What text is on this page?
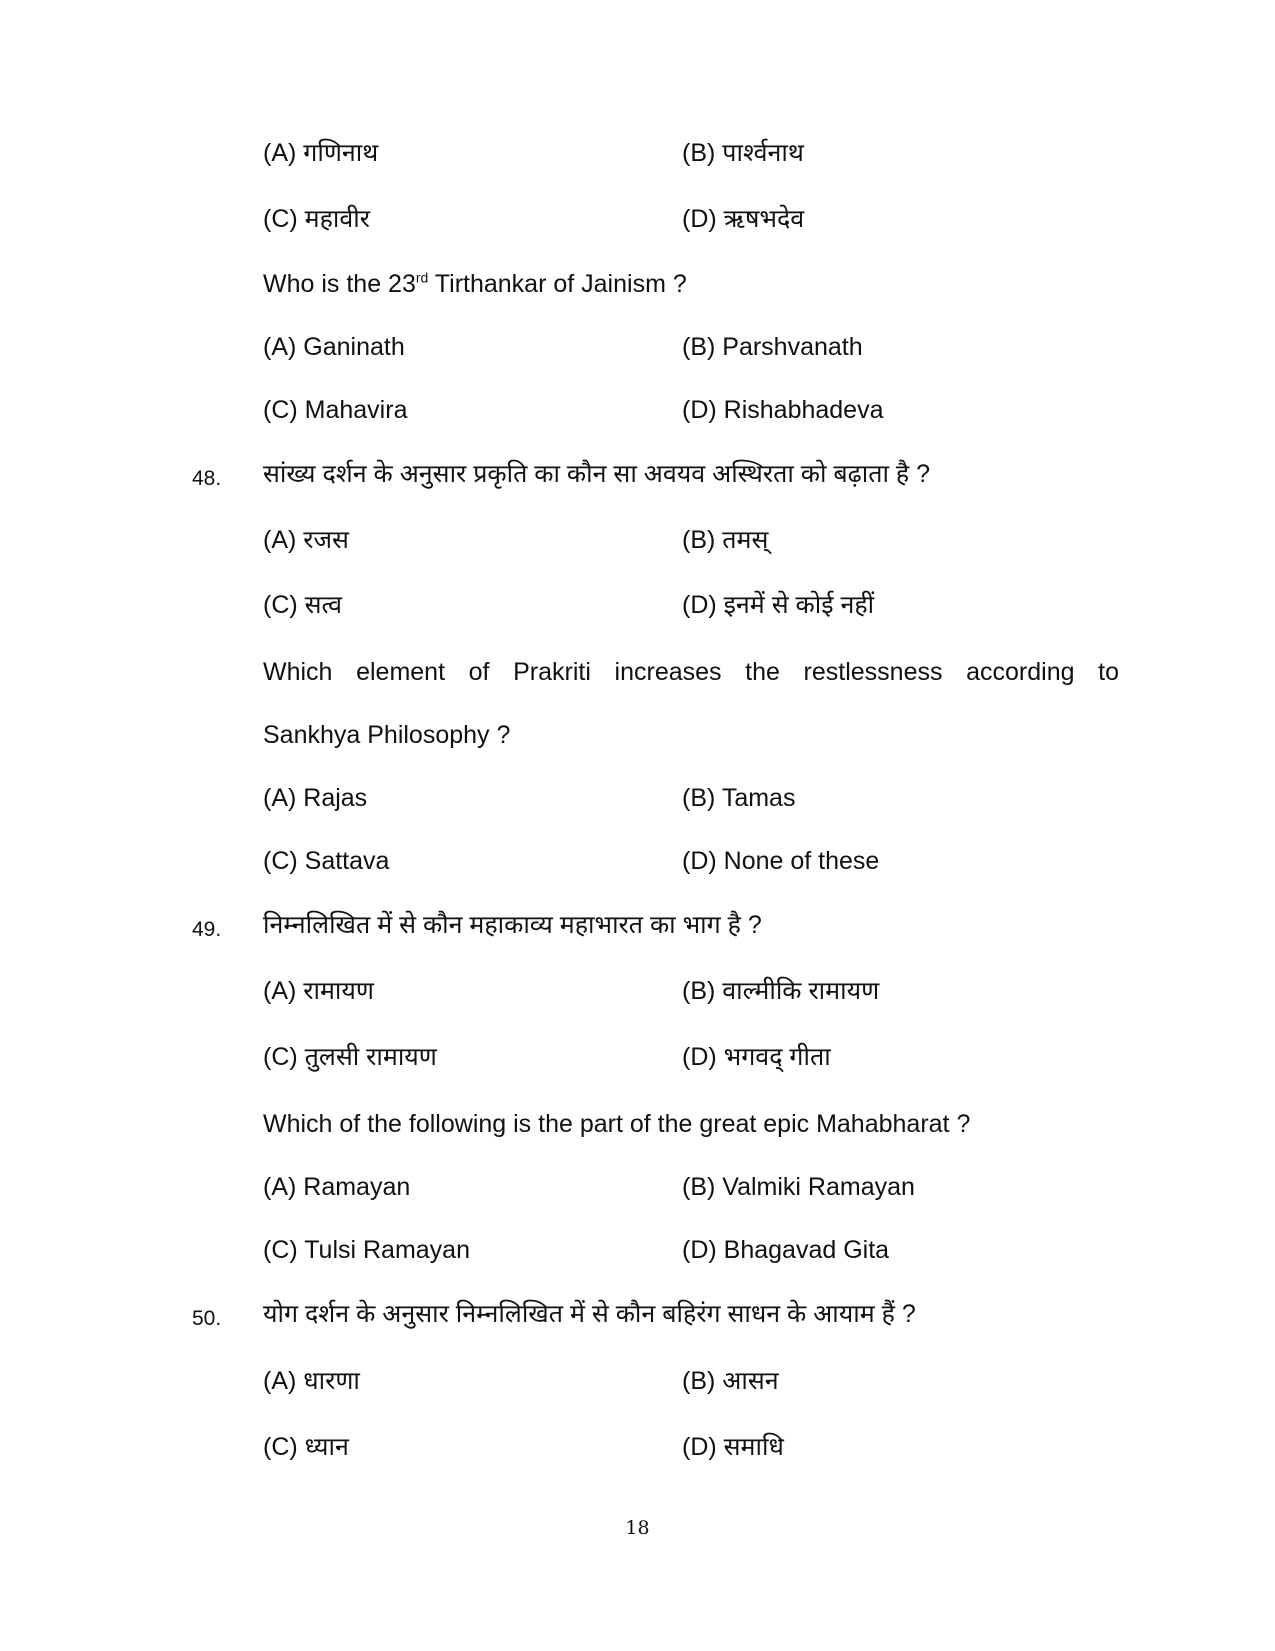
(A) गणिनाथ	(B) पार्श्वनाथ
(C) महावीर	(D) ऋषभदेव
Who is the 23rd Tirthankar of Jainism ?
(A) Ganinath	(B) Parshvanath
(C) Mahavira	(D) Rishabhadeva
48. सांख्य दर्शन के अनुसार प्रकृति का कौन सा अवयव अस्थिरता को बढ़ाता है ?
(A) रजस	(B) तमस्
(C) सत्व	(D) इनमें से कोई नहीं
Which element of Prakriti increases the restlessness according to
Sankhya Philosophy ?
(A) Rajas	(B) Tamas
(C) Sattava	(D) None of these
49. निम्नलिखित में से कौन महाकाव्य महाभारत का भाग है ?
(A) रामायण	(B) वाल्मीकि रामायण
(C) तुलसी रामायण	(D) भगवद् गीता
Which of the following is the part of the great epic Mahabharat ?
(A) Ramayan	(B) Valmiki Ramayan
(C) Tulsi Ramayan	(D) Bhagavad Gita
50. योग दर्शन के अनुसार निम्नलिखित में से कौन बहिरंग साधन के आयाम हैं ?
(A) धारणा	(B) आसन
(C) ध्यान	(D) समाधि
18
